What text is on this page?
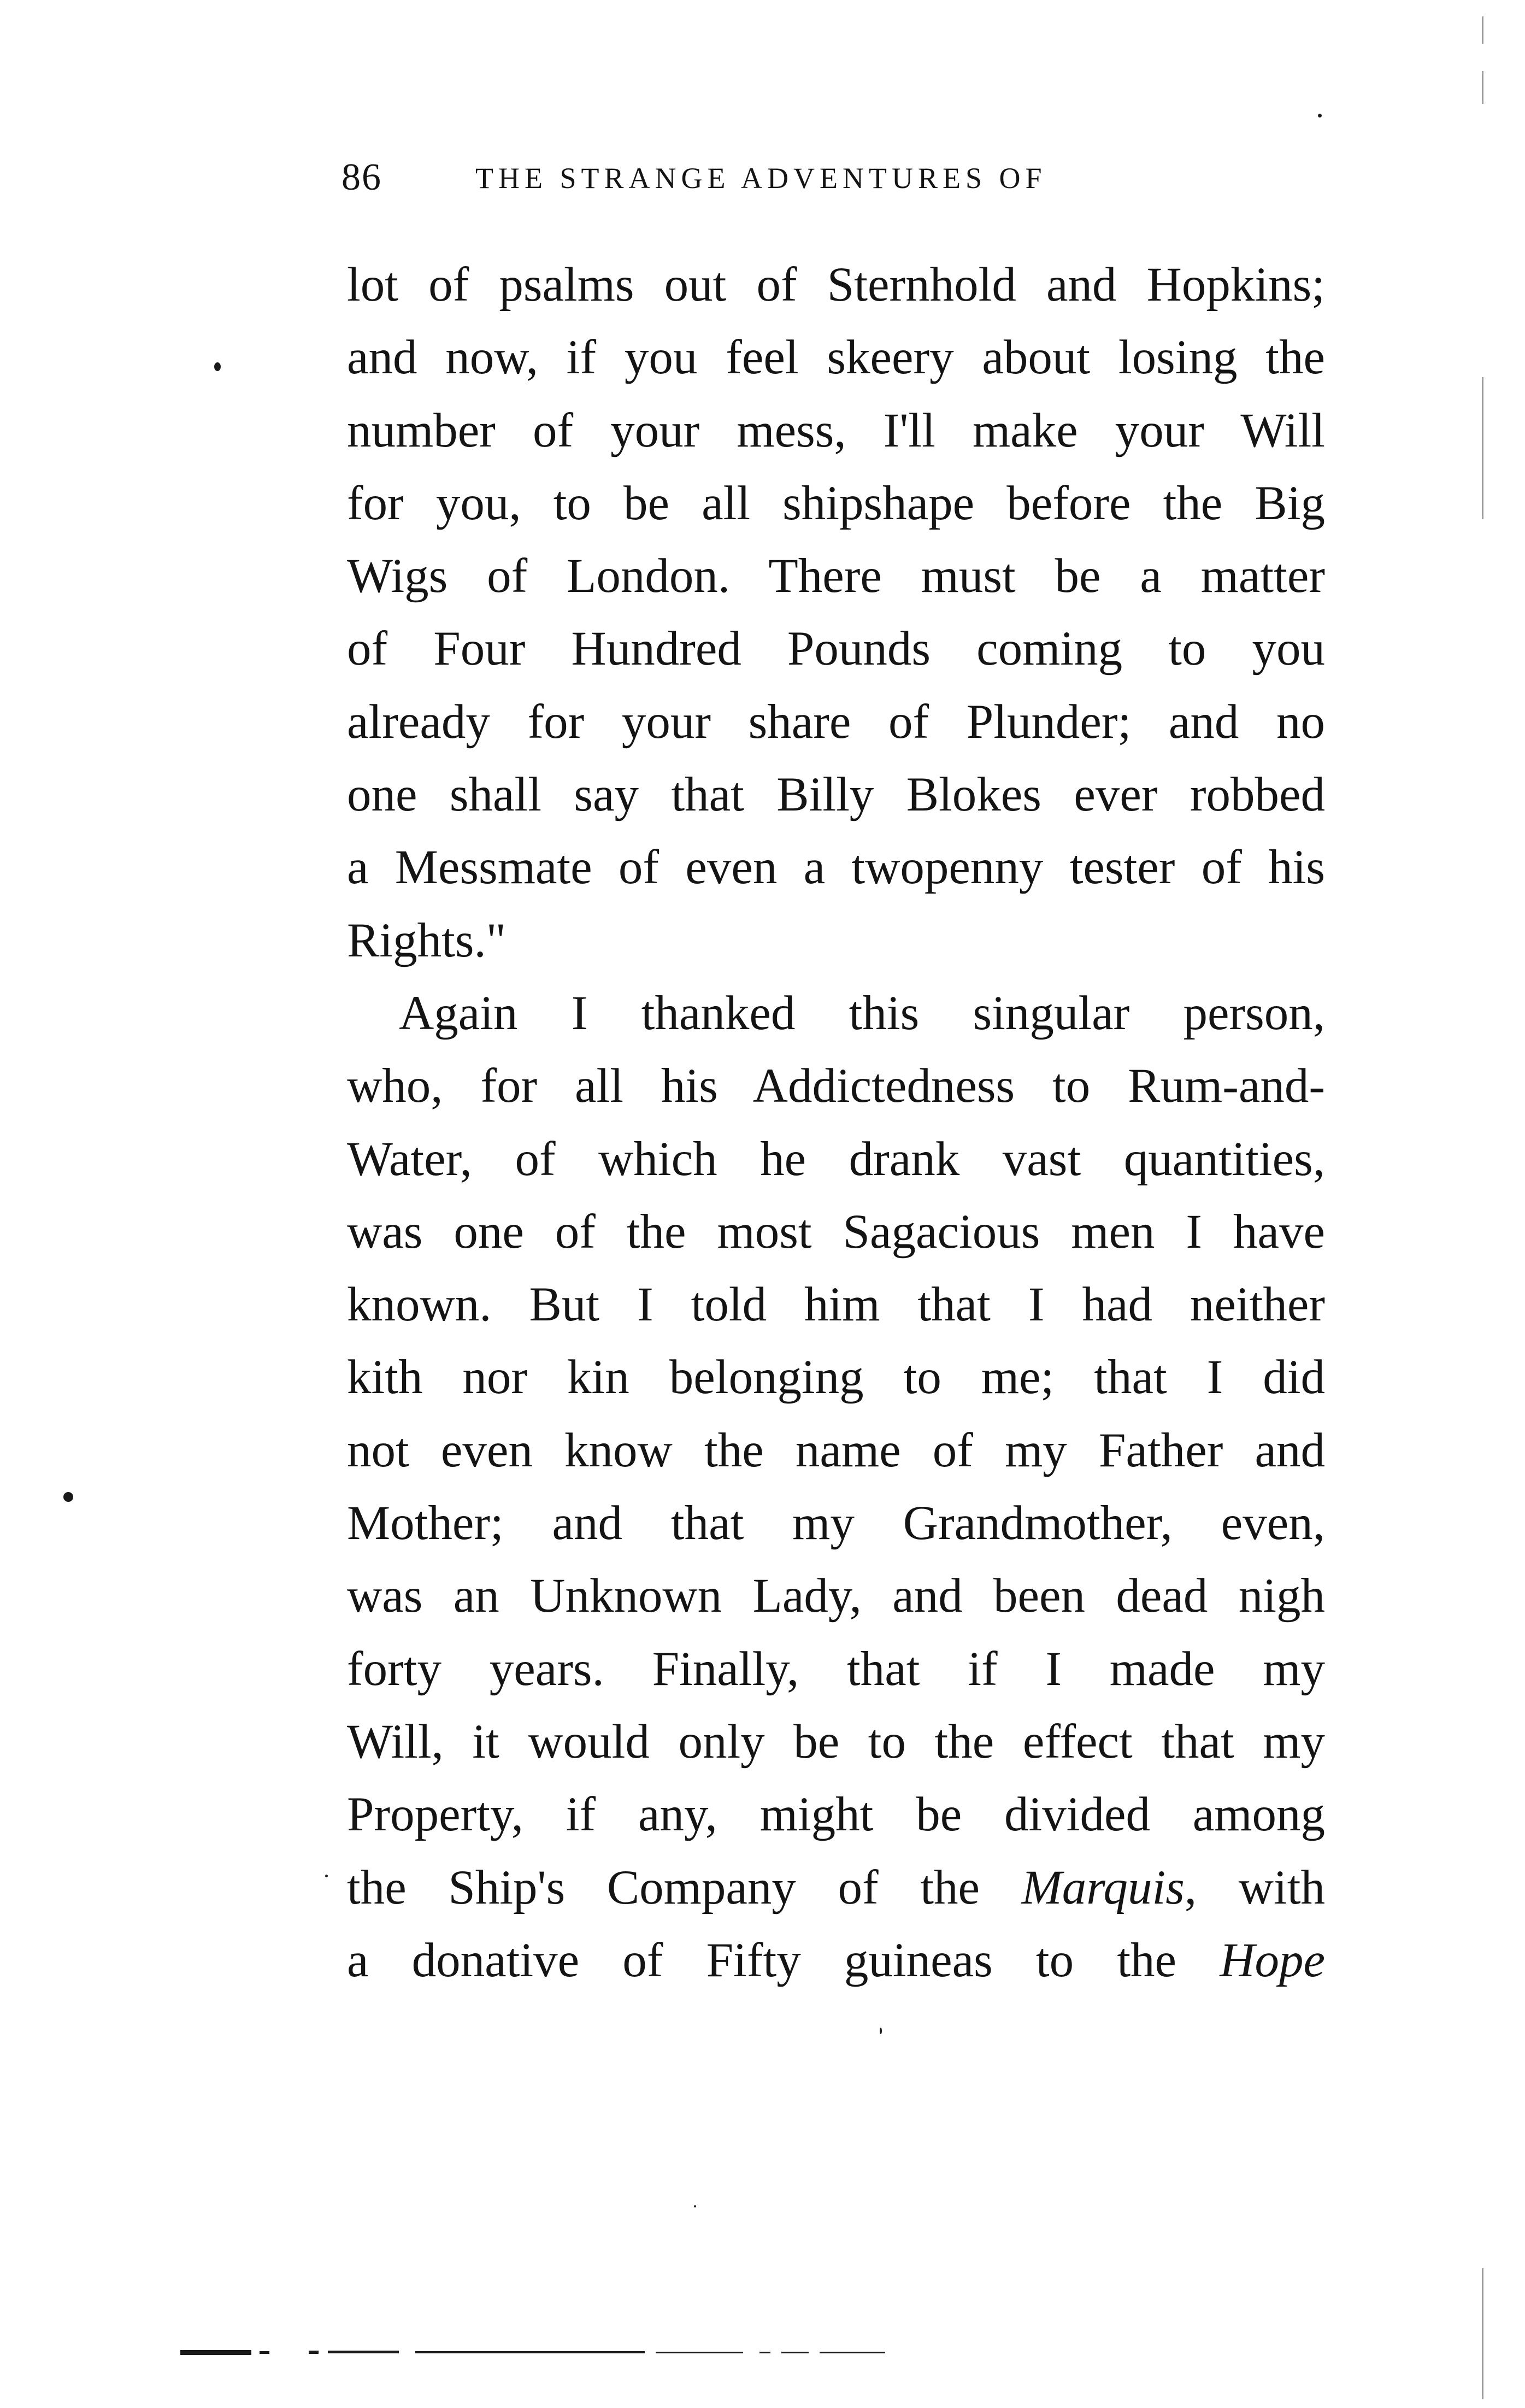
86	THE STRANGE ADVENTURES OF
lot of psalms out of Sternhold and Hopkins;
and now, if you feel skeery about losing the
number of your mess, I'll make your Will
for you, to be all shipshape before the Big
Wigs of London. There must be a matter
of Four Hundred Pounds coming to you
already for your share of Plunder; and no
one shall say that Billy Blokes ever robbed
a Messmate of even a twopenny tester of his
Rights."
Again I thanked this singular person,
who, for all his Addictedness to Rum-and-
Water, of which he drank vast quantities,
was one of the most Sagacious men I have
known. But I told him that I had neither
kith nor kin belonging to me; that I did
not even know the name of my Father and
Mother; and that my Grandmother, even,
was an Unknown Lady, and been dead nigh
forty years. Finally, that if I made my
Will, it would only be to the effect that my
Property, if any, might be divided among
the Ship's Company of the Marquis, with
a donative of Fifty guineas to the Hope
